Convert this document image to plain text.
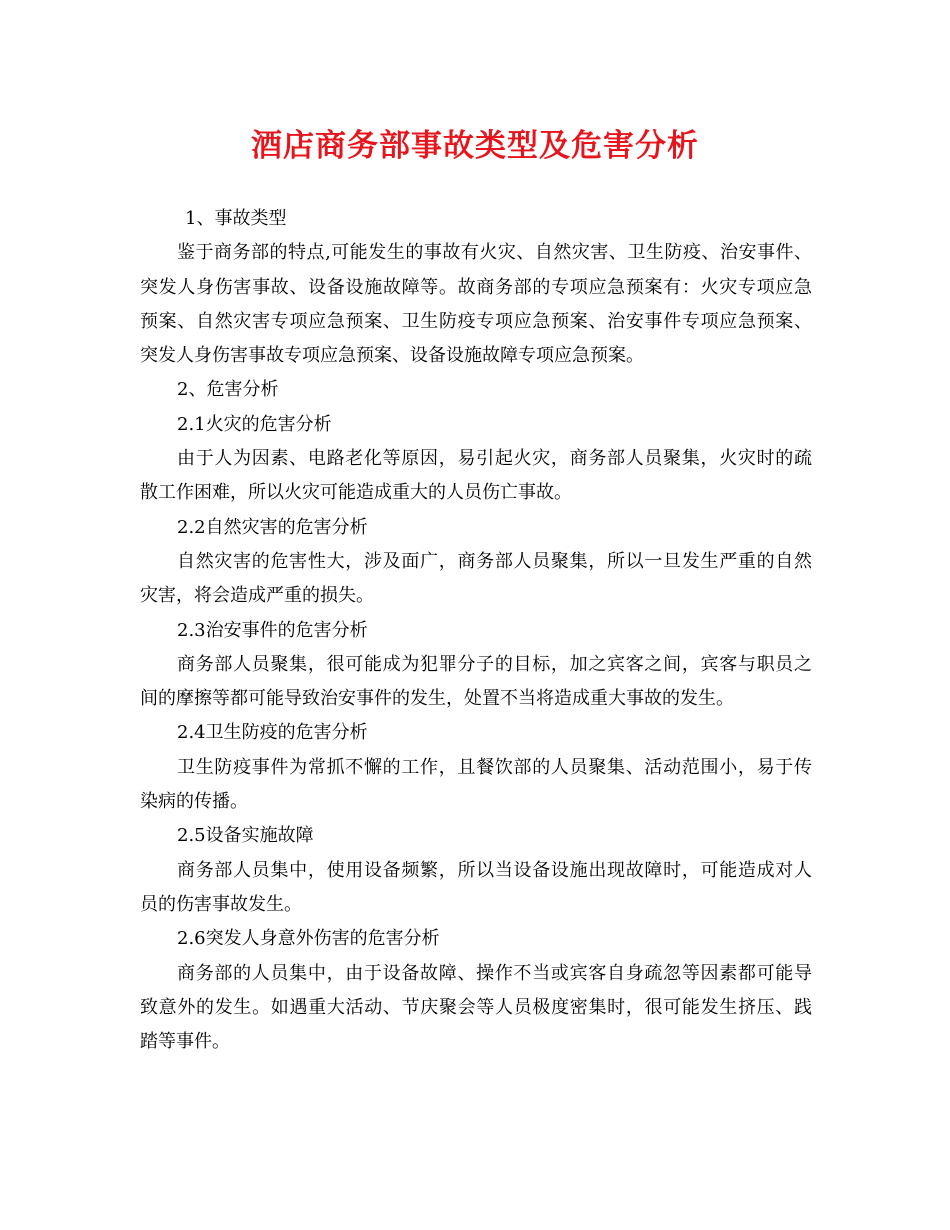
酒店商务部事故类型及危害分析
1、事故类型
鉴于商务部的特点,可能发生的事故有火灾、自然灾害、卫生防疫、治安事件、
突发人身伤害事故、设备设施故障等。故商务部的专项应急预案有：火灾专项应急
预案、自然灾害专项应急预案、卫生防疫专项应急预案、治安事件专项应急预案、
突发人身伤害事故专项应急预案、设备设施故障专项应急预案。
2、危害分析
2.1火灾的危害分析
由于人为因素、电路老化等原因，易引起火灾，商务部人员聚集，火灾时的疏
散工作困难，所以火灾可能造成重大的人员伤亡事故。
2.2自然灾害的危害分析
自然灾害的危害性大，涉及面广，商务部人员聚集，所以一旦发生严重的自然
灾害，将会造成严重的损失。
2.3治安事件的危害分析
商务部人员聚集，很可能成为犯罪分子的目标，加之宾客之间，宾客与职员之
间的摩擦等都可能导致治安事件的发生，处置不当将造成重大事故的发生。
2.4卫生防疫的危害分析
卫生防疫事件为常抓不懈的工作，且餐饮部的人员聚集、活动范围小，易于传
染病的传播。
2.5设备实施故障
商务部人员集中，使用设备频繁，所以当设备设施出现故障时，可能造成对人
员的伤害事故发生。
2.6突发人身意外伤害的危害分析
商务部的人员集中，由于设备故障、操作不当或宾客自身疏忽等因素都可能导
致意外的发生。如遇重大活动、节庆聚会等人员极度密集时，很可能发生挤压、践
踏等事件。
